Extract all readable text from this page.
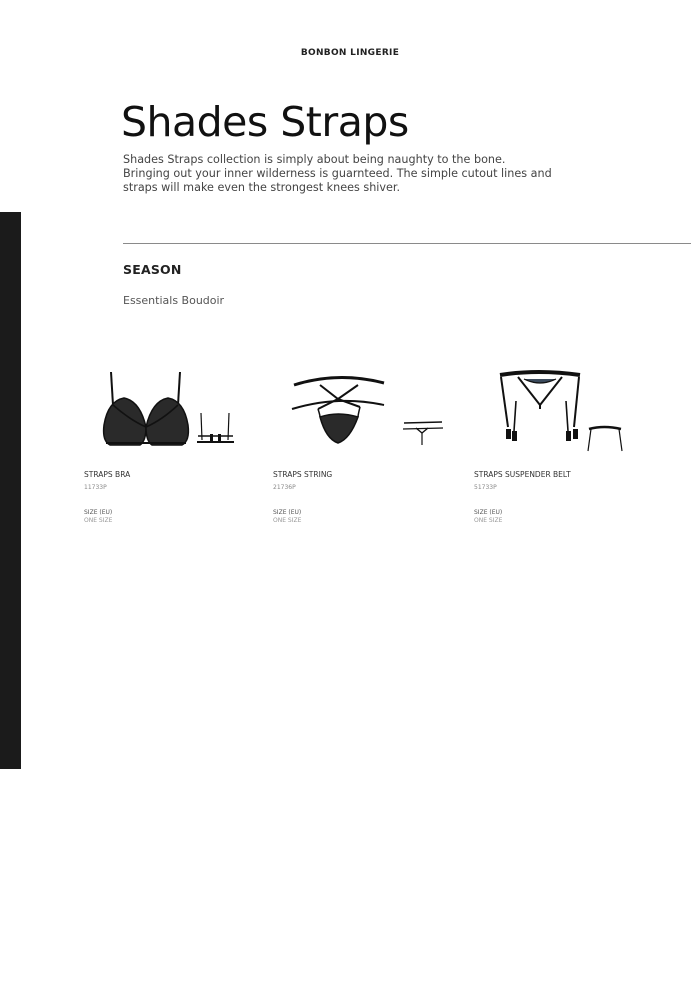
BONBON LINGERIE
Shades Straps

Shades Straps collection is simply about being naughty to the bone. Bringing out your inner wilderness is guarnteed. The simple cutout lines and straps will make even the strongest knees shiver.

SEASON
Essentials Boudoir
STRAPS BRA
11733P
SIZE (EU)
ONE SIZE
STRAPS STRING
21736P
SIZE (EU)
ONE SIZE
STRAPS SUSPENDER BELT
51733P
SIZE (EU)
ONE SIZE
